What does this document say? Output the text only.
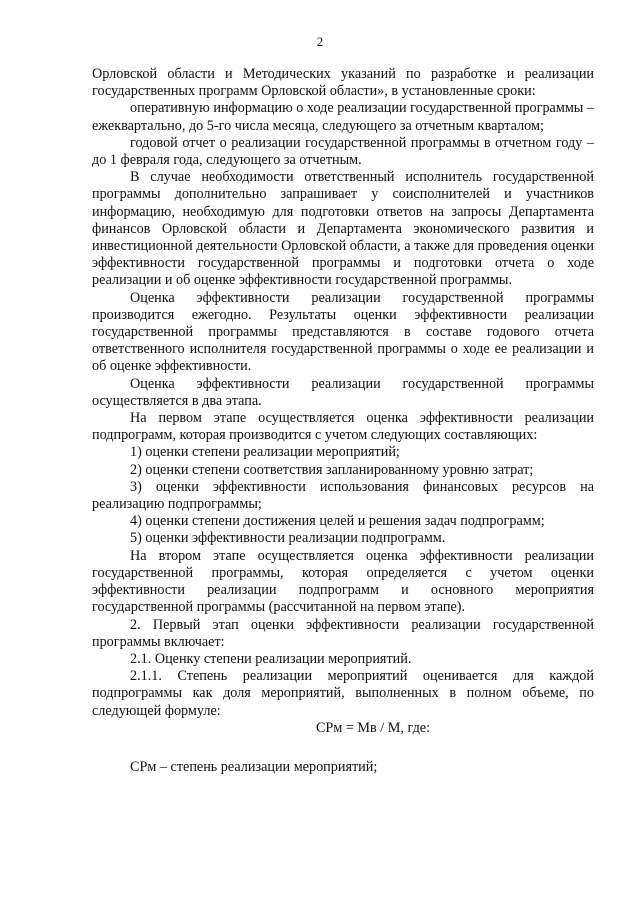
2

Орловской области и Методических указаний по разработке и реализации государственных программ Орловской области», в установленные сроки:

оперативную информацию о ходе реализации государственной программы – ежеквартально, до 5-го числа месяца, следующего за отчетным кварталом;

годовой отчет о реализации государственной программы в отчетном году – до 1 февраля года, следующего за отчетным.

В случае необходимости ответственный исполнитель государственной программы дополнительно запрашивает у соисполнителей и участников информацию, необходимую для подготовки ответов на запросы Департамента финансов Орловской области и Департамента экономического развития и инвестиционной деятельности Орловской области, а также для проведения оценки эффективности государственной программы и подготовки отчета о ходе реализации и об оценке эффективности государственной программы.

Оценка эффективности реализации государственной программы производится ежегодно. Результаты оценки эффективности реализации государственной программы представляются в составе годового отчета ответственного исполнителя государственной программы о ходе ее реализации и об оценке эффективности.

Оценка эффективности реализации государственной программы осуществляется в два этапа.

На первом этапе осуществляется оценка эффективности реализации подпрограмм, которая производится с учетом следующих составляющих:

1) оценки степени реализации мероприятий;

2) оценки степени соответствия запланированному уровню затрат;

3) оценки эффективности использования финансовых ресурсов на реализацию подпрограммы;

4) оценки степени достижения целей и решения задач подпрограмм;

5) оценки эффективности реализации подпрограмм.

На втором этапе осуществляется оценка эффективности реализации государственной программы, которая определяется с учетом оценки эффективности реализации подпрограмм и основного мероприятия государственной программы (рассчитанной на первом этапе).

2. Первый этап оценки эффективности реализации государственной программы включает:

2.1. Оценку степени реализации мероприятий.

2.1.1. Степень реализации мероприятий оценивается для каждой подпрограммы как доля мероприятий, выполненных в полном объеме, по следующей формуле:

СРм = Мв / М, где:

СРм – степень реализации мероприятий;
